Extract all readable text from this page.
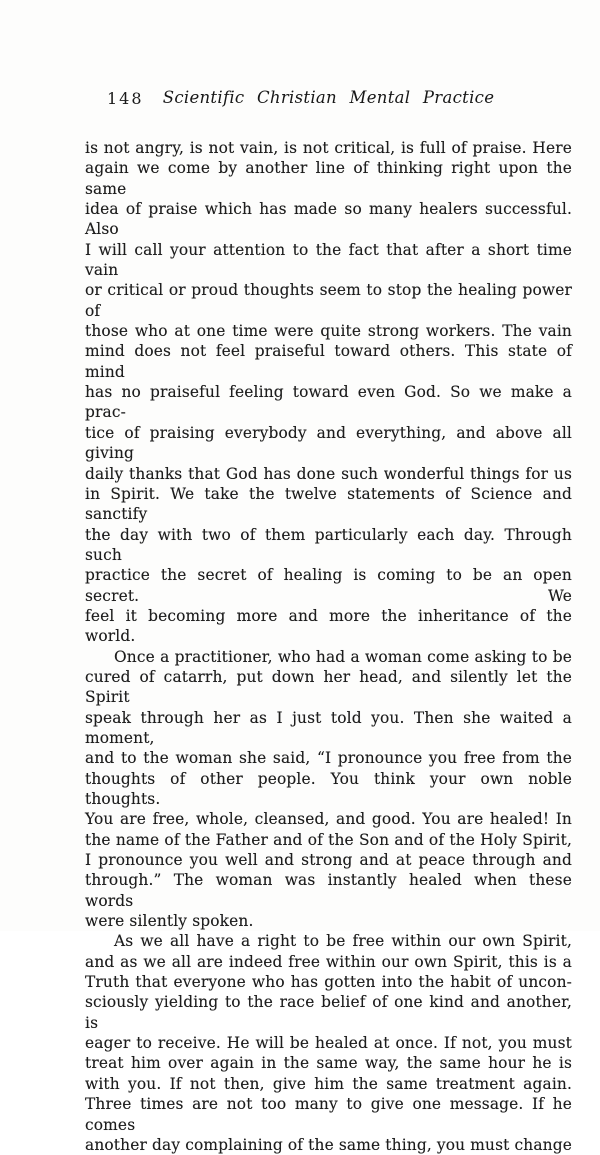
148	Scientific Christian Mental Practice
is not angry, is not vain, is not critical, is full of praise. Here
again we come by another line of thinking right upon the same
idea of praise which has made so many healers successful. Also
I will call your attention to the fact that after a short time vain
or critical or proud thoughts seem to stop the healing power of
those who at one time were quite strong workers. The vain
mind does not feel praiseful toward others. This state of mind
has no praiseful feeling toward even God. So we make a prac-
tice of praising everybody and everything, and above all giving
daily thanks that God has done such wonderful things for us
in Spirit. We take the twelve statements of Science and sanctify
the day with two of them particularly each day. Through such
practice the secret of healing is coming to be an open secret. We
feel it becoming more and more the inheritance of the world.
Once a practitioner, who had a woman come asking to be
cured of catarrh, put down her head, and silently let the Spirit
speak through her as I just told you. Then she waited a moment,
and to the woman she said, “I pronounce you free from the
thoughts of other people. You think your own noble thoughts.
You are free, whole, cleansed, and good. You are healed! In
the name of the Father and of the Son and of the Holy Spirit,
I pronounce you well and strong and at peace through and
through.” The woman was instantly healed when these words
were silently spoken.
As we all have a right to be free within our own Spirit,
and as we all are indeed free within our own Spirit, this is a
Truth that everyone who has gotten into the habit of uncon-
sciously yielding to the race belief of one kind and another, is
eager to receive. He will be healed at once. If not, you must
treat him over again in the same way, the same hour he is
with you. If not then, give him the same treatment again.
Three times are not too many to give one message. If he comes
another day complaining of the same thing, you must change
